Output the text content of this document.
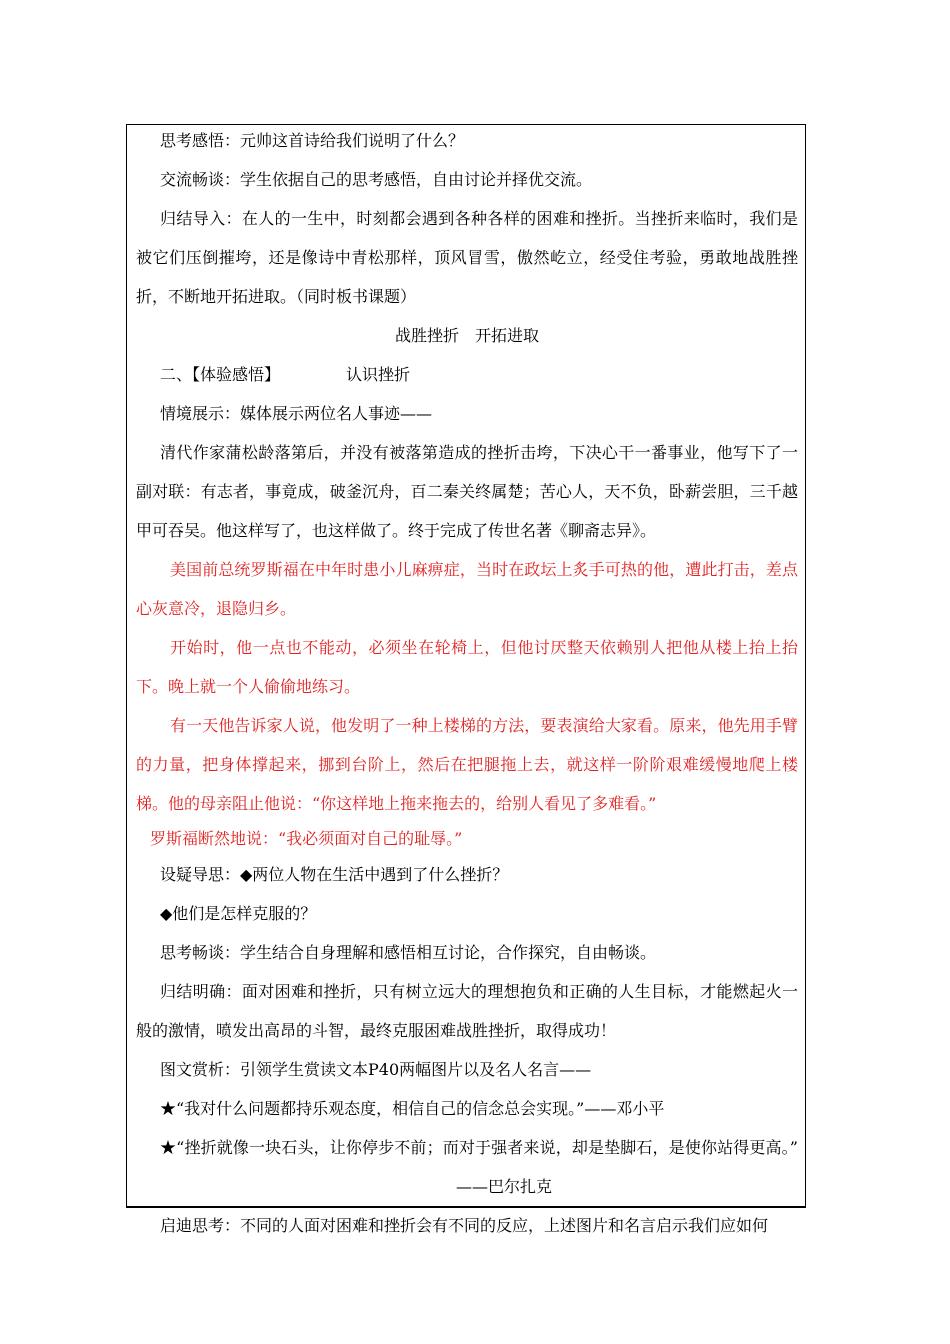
思考感悟：元帅这首诗给我们说明了什么？

交流畅谈：学生依据自己的思考感悟，自由讨论并择优交流。

归结导入：在人的一生中，时刻都会遇到各种各样的困难和挫折。当挫折来临时，我们是被它们压倒摧垮，还是像诗中青松那样，顶风冒雪，傲然屹立，经受住考验，勇敢地战胜挫折，不断地开拓进取。（同时板书课题）

战胜挫折　开拓进取

二、【体验感悟】	认识挫折

情境展示：媒体展示两位名人事迹——

清代作家蒲松龄落第后，并没有被落第造成的挫折击垮，下决心干一番事业，他写下了一副对联：有志者，事竟成，破釜沉舟，百二秦关终属楚；苦心人，天不负，卧薪尝胆，三千越甲可吞吴。他这样写了，也这样做了。终于完成了传世名著《聊斋志异》。

美国前总统罗斯福在中年时患小儿麻痹症，当时在政坛上炙手可热的他，遭此打击，差点心灰意冷，退隐归乡。

开始时，他一点也不能动，必须坐在轮椅上，但他讨厌整天依赖别人把他从楼上抬上抬下。晚上就一个人偷偷地练习。

有一天他告诉家人说，他发明了一种上楼梯的方法，要表演给大家看。原来，他先用手臂的力量，把身体撑起来，挪到台阶上，然后在把腿拖上去，就这样一阶阶艰难缓慢地爬上楼梯。他的母亲阻止他说：“你这样地上拖来拖去的，给别人看见了多难看。”

罗斯福断然地说：“我必须面对自己的耻辱。”

设疑导思：◆两位人物在生活中遇到了什么挫折？

◆他们是怎样克服的？

思考畅谈：学生结合自身理解和感悟相互讨论，合作探究，自由畅谈。

归结明确：面对困难和挫折，只有树立远大的理想抱负和正确的人生目标，才能燃起火一般的激情，喷发出高昂的斗智，最终克服困难战胜挫折，取得成功！

图文赏析：引领学生赏读文本P40两幅图片以及名人名言——

★“我对什么问题都持乐观态度，相信自己的信念总会实现。”——邓小平

★“挫折就像一块石头，让你停步不前；而对于强者来说，却是垫脚石，是使你站得更高。”——巴尔扎克

启迪思考：不同的人面对困难和挫折会有不同的反应，上述图片和名言启示我们应如何
